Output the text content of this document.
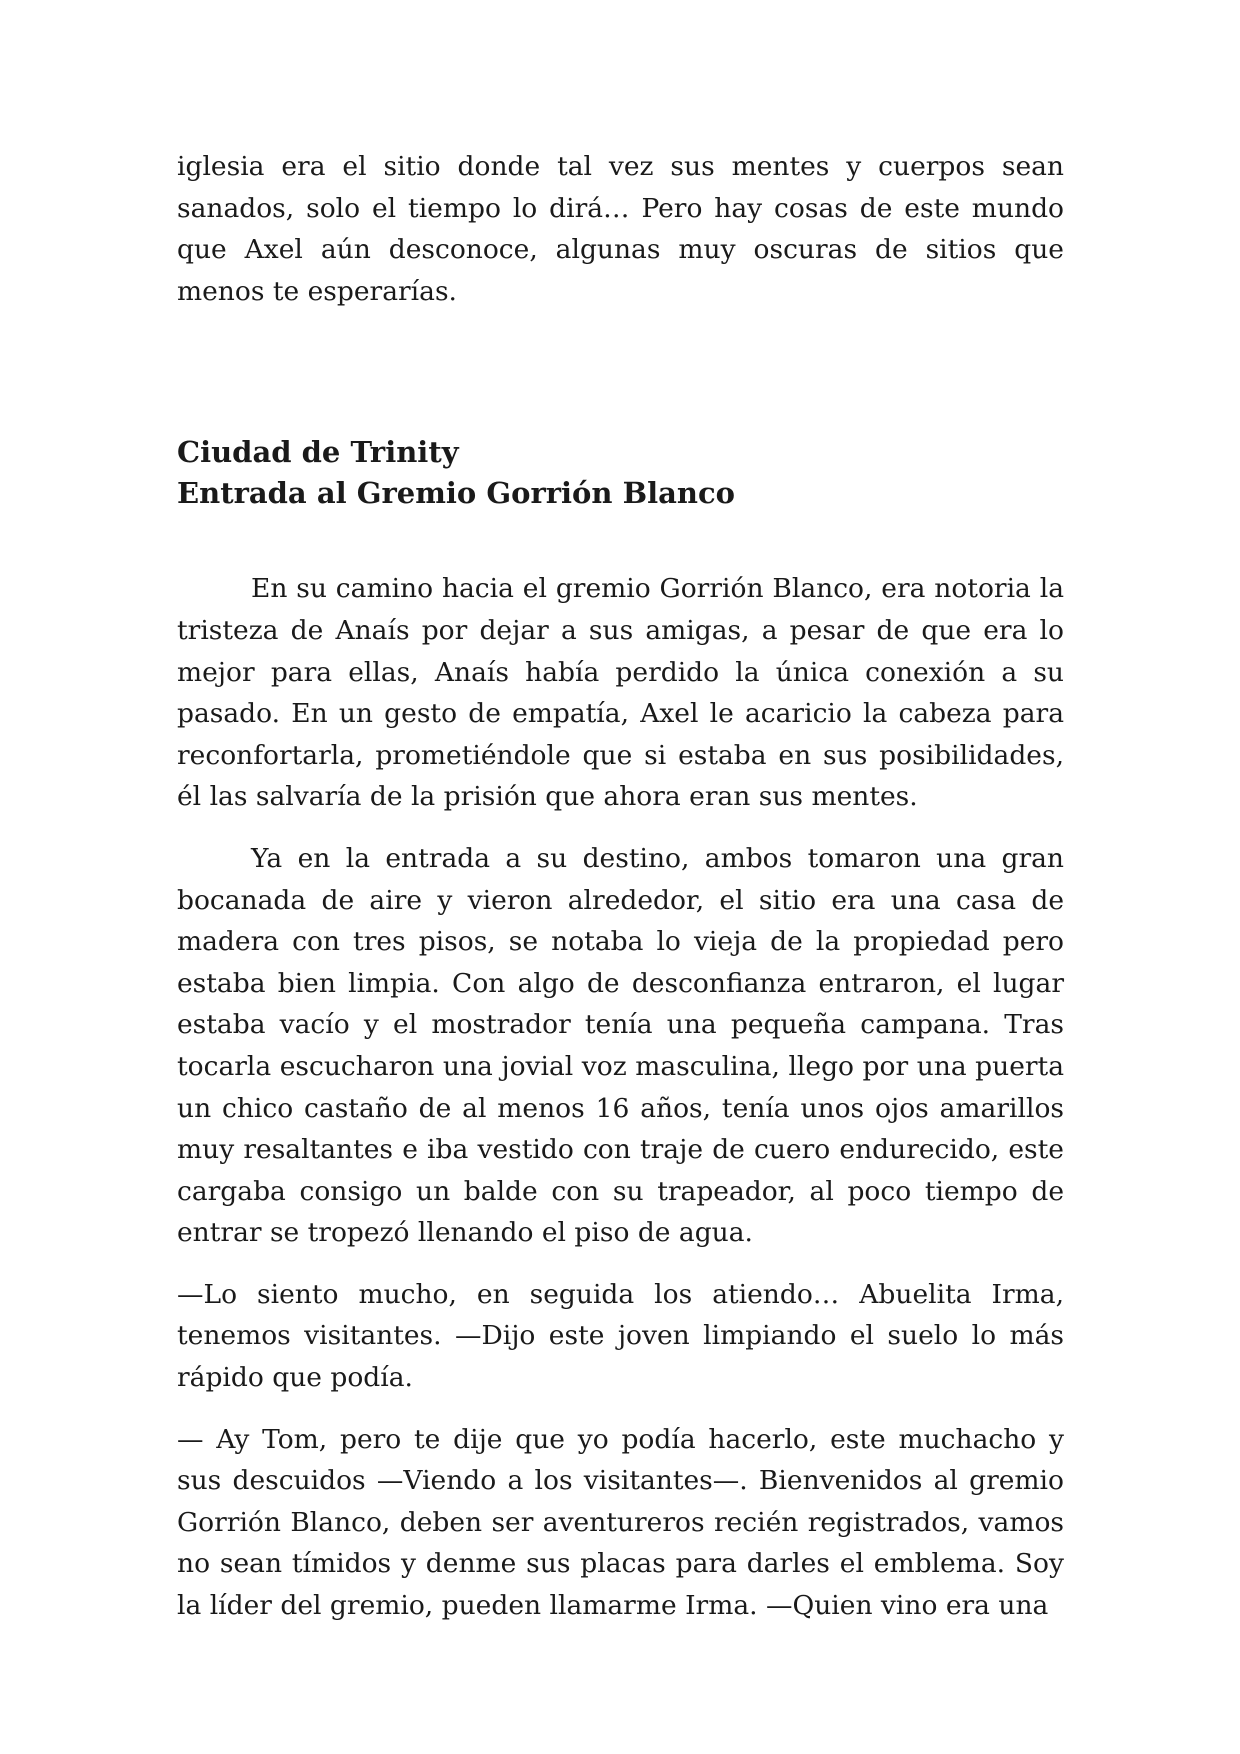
iglesia era el sitio donde tal vez sus mentes y cuerpos sean sanados, solo el tiempo lo dirá… Pero hay cosas de este mundo que Axel aún desconoce, algunas muy oscuras de sitios que menos te esperarías.

Ciudad de Trinity
Entrada al Gremio Gorrión Blanco

En su camino hacia el gremio Gorrión Blanco, era notoria la tristeza de Anaís por dejar a sus amigas, a pesar de que era lo mejor para ellas, Anaís había perdido la única conexión a su pasado. En un gesto de empatía, Axel le acaricio la cabeza para reconfortarla, prometiéndole que si estaba en sus posibilidades, él las salvaría de la prisión que ahora eran sus mentes.

Ya en la entrada a su destino, ambos tomaron una gran bocanada de aire y vieron alrededor, el sitio era una casa de madera con tres pisos, se notaba lo vieja de la propiedad pero estaba bien limpia. Con algo de desconfianza entraron, el lugar estaba vacío y el mostrador tenía una pequeña campana. Tras tocarla escucharon una jovial voz masculina, llego por una puerta un chico castaño de al menos 16 años, tenía unos ojos amarillos muy resaltantes e iba vestido con traje de cuero endurecido, este cargaba consigo un balde con su trapeador, al poco tiempo de entrar se tropezó llenando el piso de agua.

—Lo siento mucho, en seguida los atiendo… Abuelita Irma, tenemos visitantes. —Dijo este joven limpiando el suelo lo más rápido que podía.

— Ay Tom, pero te dije que yo podía hacerlo, este muchacho y sus descuidos —Viendo a los visitantes—. Bienvenidos al gremio Gorrión Blanco, deben ser aventureros recién registrados, vamos no sean tímidos y denme sus placas para darles el emblema. Soy la líder del gremio, pueden llamarme Irma. —Quien vino era una
